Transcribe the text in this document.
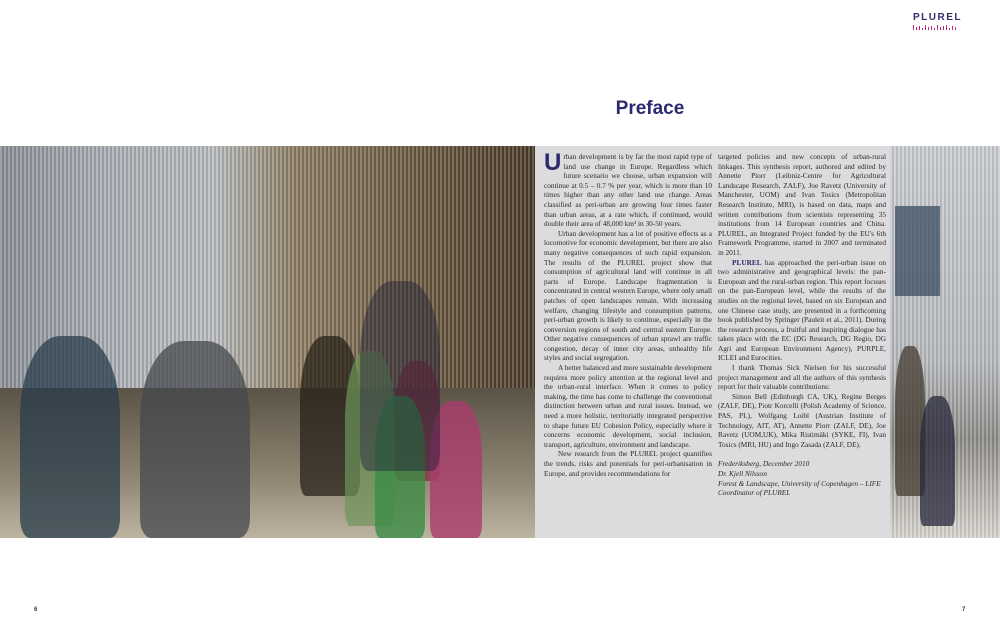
PLUREL
Preface

Urban development is by far the most rapid type of land use change in Europe. Regardless which future scenario we choose, urban expansion will continue at 0.5 – 0.7 % per year, which is more than 10 times higher than any other land use change. Areas classified as peri-urban are growing four times faster than urban areas, at a rate which, if continued, would double their area of 48,000 km² in 30-50 years.

Urban development has a lot of positive effects as a locomotive for economic development, but there are also many negative consequences of such rapid expansion. The results of the PLUREL project show that consumption of agricultural land will continue in all parts of Europe. Landscape fragmentation is concentrated in central western Europe, where only small patches of open landscapes remain. With increasing welfare, changing lifestyle and consumption patterns, peri-urban growth is likely to continue, especially in the conversion regions of south and central eastern Europe. Other negative consequences of urban sprawl are traffic congestion, decay of inner city areas, unhealthy life styles and social segregation.

A better balanced and more sustainable development requires more policy attention at the regional level and the urban-rural interface. When it comes to policy making, the time has come to challenge the conventional distinction between urban and rural issues. Instead, we need a more holistic, territorially integrated perspective to shape future EU Cohesion Policy, especially where it concerns economic development, social inclusion, transport, agriculture, environment and landscape.

New research from the PLUREL project quantifies the trends, risks and potentials for peri-urbanisation in Europe, and provides recommendations for

targeted policies and new concepts of urban-rural linkages. This synthesis report, authored and edited by Annette Piorr (Leibniz-Centre for Agricultural Landscape Research, ZALF), Joe Ravetz (University of Manchester, UOM) and Ivan Tosics (Metropolitan Research Institute, MRI), is based on data, maps and written contributions from scientists representing 35 institutions from 14 European countries and China. PLUREL, an Integrated Project funded by the EU's 6th Framework Programme, started in 2007 and terminated in 2011.

PLUREL has approached the peri-urban issue on two administrative and geographical levels: the pan-European and the rural-urban region. This report focuses on the pan-European level, while the results of the studies on the regional level, based on six European and one Chinese case study, are presented in a forthcoming book published by Springer (Pauleit et al., 2011). During the research process, a fruitful and inspiring dialogue has taken place with the EC (DG Research, DG Regio, DG Agri and European Environment Agency), PURPLE, ICLEI and Eurocities.

I thank Thomas Sick Nielsen for his successful project management and all the authors of this synthesis report for their valuable contributions:

Simon Bell (Edinburgh CA, UK), Regine Berges (ZALF, DE), Piotr Korcelli (Polish Academy of Science, PAS, PL), Wolfgang Loibl (Austrian Institute of Technology, AIT, AT), Annette Piorr (ZALF, DE), Joe Ravetz (UOM,UK), Mika Ristimäki (SYKE, FI), Ivan Tosics (MRI, HU) and Ingo Zasada (ZALF, DE).

Frederiksberg, December 2010
Dr. Kjell Nilsson
Forest & Landscape, University of Copenhagen – LIFE
Coordinator of PLUREL
6	7
